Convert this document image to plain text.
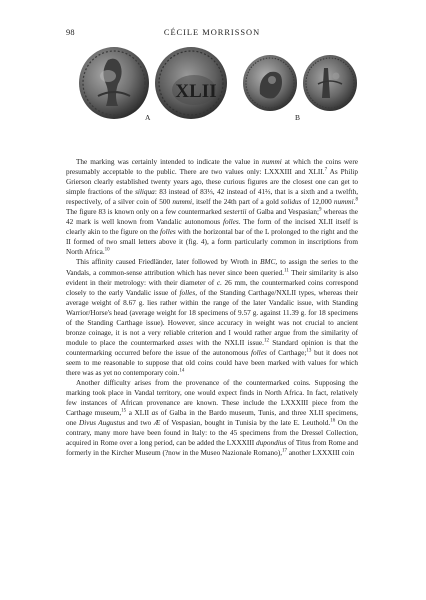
98	CÉCILE MORRISSON
XLII
A	B

The marking was certainly intended to indicate the value in nummi at which the coins were presumably acceptable to the public. There are two values only: LXXXIII and XLII.$^7$ As Philip Grierson clearly established twenty years ago, these curious figures are the closest one can get to simple fractions of the siliqua: 83 instead of 83⅓, 42 instead of 41⅔, that is a sixth and a twelfth, respectively, of a silver coin of 500 nummi, itself the 24th part of a gold solidus of 12,000 nummi.$^8$ The figure 83 is known only on a few countermarked sestertii of Galba and Vespasian;$^9$ whereas the 42 mark is well known from Vandalic autonomous folles. The form of the incised XLII itself is clearly akin to the figure on the folles with the horizontal bar of the L prolonged to the right and the II formed of two small letters above it (fig. 4), a form particularly common in inscriptions from North Africa.$^{10}$

This affinity caused Friedländer, later followed by Wroth in BMC, to assign the series to the Vandals, a common-sense attribution which has never since been queried.$^{11}$ Their similarity is also evident in their metrology: with their diameter of c. 26 mm, the countermarked coins correspond closely to the early Vandalic issue of folles, of the Standing Carthage/NXLII types, whereas their average weight of 8.67 g. lies rather within the range of the later Vandalic issue, with Standing Warrior/Horse's head (average weight for 18 specimens of 9.57 g. against 11.39 g. for 18 specimens of the Standing Carthage issue). However, since accuracy in weight was not crucial to ancient bronze coinage, it is not a very reliable criterion and I would rather argue from the similarity of module to place the countermarked asses with the NXLII issue.$^{12}$ Standard opinion is that the countermarking occurred before the issue of the autonomous folles of Carthage;$^{13}$ but it does not seem to me reasonable to suppose that old coins could have been marked with values for which there was as yet no contemporary coin.$^{14}$

Another difficulty arises from the provenance of the countermarked coins. Supposing the marking took place in Vandal territory, one would expect finds in North Africa. In fact, relatively few instances of African provenance are known. These include the LXXXIII piece from the Carthage museum,$^{15}$ a XLII as of Galba in the Bardo museum, Tunis, and three XLII specimens, one Divus Augustus and two Æ of Vespasian, bought in Tunisia by the late E. Leuthold.$^{16}$ On the contrary, many more have been found in Italy: to the 45 specimens from the Dressel Collection, acquired in Rome over a long period, can be added the LXXXIII dupondius of Titus from Rome and formerly in the Kircher Museum (?now in the Museo Nazionale Romano),$^{17}$ another LXXXIII coin
